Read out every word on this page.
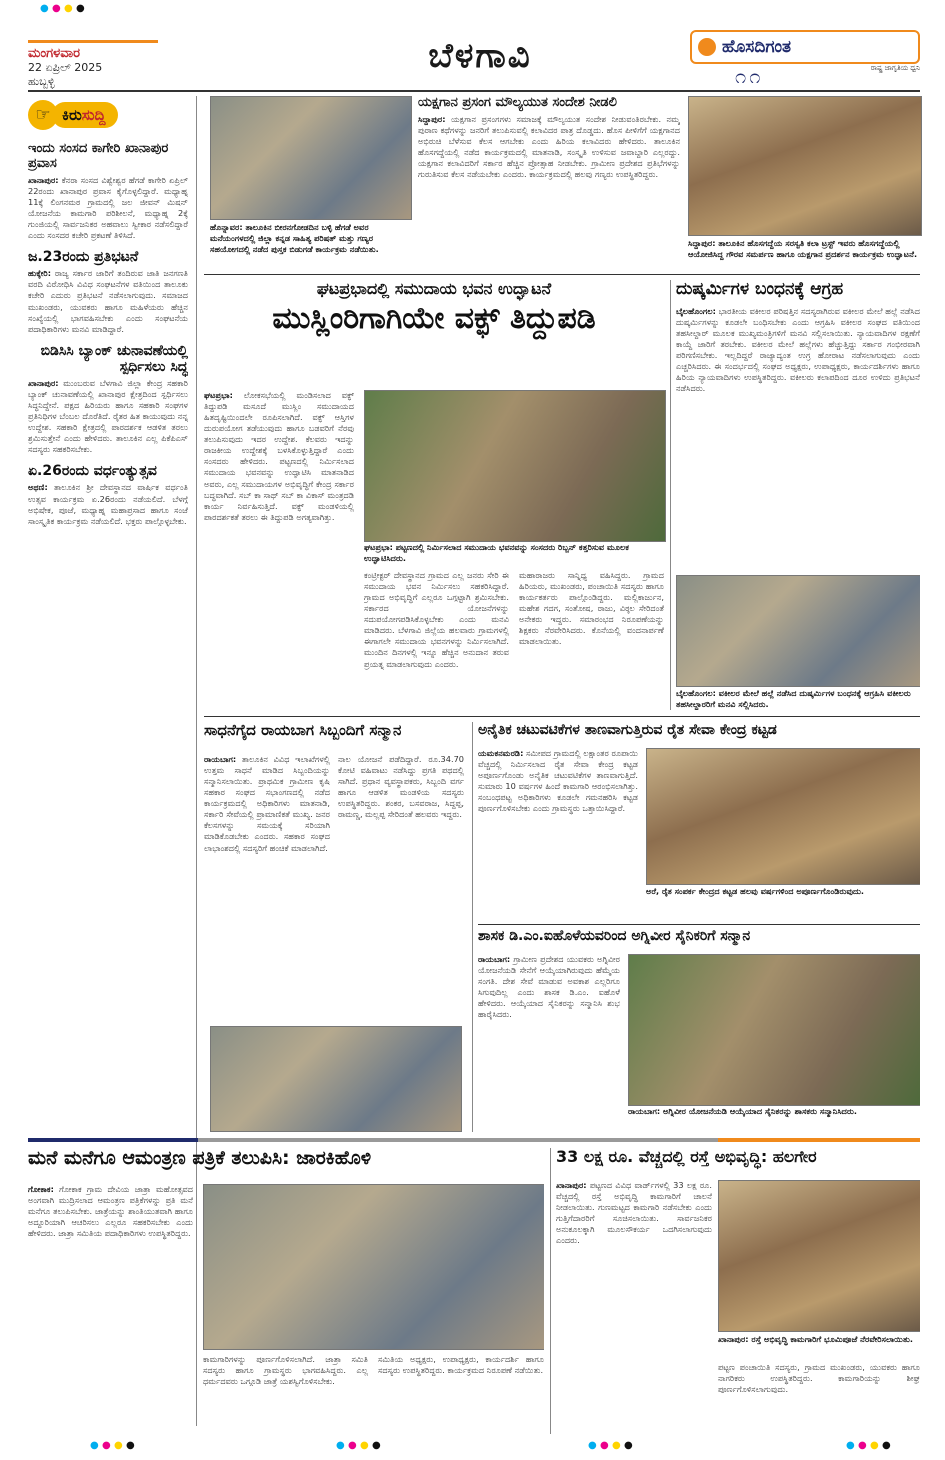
● ● ● ●
ಮಂಗಳವಾರ
22 ಏಪ್ರಿಲ್ 2025
ಹುಬ್ಬಳ್ಳಿ
ಬೆಳಗಾವಿ	ಹೊಸದಿಗಂತ
ರಾಷ್ಟ್ರ ಜಾಗೃತಿಯ ಧ್ವನಿ
೧೧
☞ ಕಿರುಸುದ್ದಿ
ಇಂದು ಸಂಸದ ಕಾಗೇರಿ ಖಾನಾಪುರ ಪ್ರವಾಸ
ಖಾನಾಪುರ: ಕೆನರಾ ಸಂಸದ ವಿಶ್ವೇಶ್ವರ ಹೆಗಡೆ ಕಾಗೇರಿ ಏಪ್ರಿಲ್ 22ರಂದು ಖಾನಾಪುರ ಪ್ರವಾಸ ಕೈಗೊಳ್ಳಲಿದ್ದಾರೆ. ಮಧ್ಯಾಹ್ನ 11ಕ್ಕೆ ಲಿಂಗನಮಠ ಗ್ರಾಮದಲ್ಲಿ ಜಲ ಜೀವನ್ ಮಿಷನ್ ಯೋಜನೆಯ ಕಾಮಗಾರಿ ಪರಿಶೀಲನೆ, ಮಧ್ಯಾಹ್ನ 2ಕ್ಕೆ ಗುಂಜಿಯಲ್ಲಿ ಸಾರ್ವಜನಿಕರ ಅಹವಾಲು ಸ್ವೀಕಾರ ನಡೆಸಲಿದ್ದಾರೆ ಎಂದು ಸಂಸದರ ಕಚೇರಿ ಪ್ರಕಟಣೆ ತಿಳಿಸಿದೆ.
ಜ.23ರಂದು ಪ್ರತಿಭಟನೆ
ಹುಕ್ಕೇರಿ: ರಾಜ್ಯ ಸರ್ಕಾರ ಜಾರಿಗೆ ತಂದಿರುವ ಜಾತಿ ಜನಗಣತಿ ವರದಿ ವಿರೋಧಿಸಿ ವಿವಿಧ ಸಂಘಟನೆಗಳ ವತಿಯಿಂದ ತಾಲೂಕು ಕಚೇರಿ ಎದುರು ಪ್ರತಿಭಟನೆ ನಡೆಸಲಾಗುವುದು. ಸಮಾಜದ ಮುಖಂಡರು, ಯುವಕರು ಹಾಗೂ ಮಹಿಳೆಯರು ಹೆಚ್ಚಿನ ಸಂಖ್ಯೆಯಲ್ಲಿ ಭಾಗವಹಿಸಬೇಕು ಎಂದು ಸಂಘಟನೆಯ ಪದಾಧಿಕಾರಿಗಳು ಮನವಿ ಮಾಡಿದ್ದಾರೆ.
ಬಿಡಿಸಿಸಿ ಬ್ಯಾಂಕ್ ಚುನಾವಣೆಯಲ್ಲಿ ಸ್ಪರ್ಧಿಸಲು ಸಿದ್ಧ
ಖಾನಾಪುರ: ಮುಂಬರುವ ಬೆಳಗಾವಿ ಜಿಲ್ಲಾ ಕೇಂದ್ರ ಸಹಕಾರಿ ಬ್ಯಾಂಕ್ ಚುನಾವಣೆಯಲ್ಲಿ ಖಾನಾಪುರ ಕ್ಷೇತ್ರದಿಂದ ಸ್ಪರ್ಧಿಸಲು ಸಿದ್ಧನಿದ್ದೇನೆ. ಪಕ್ಷದ ಹಿರಿಯರು ಹಾಗೂ ಸಹಕಾರಿ ಸಂಘಗಳ ಪ್ರತಿನಿಧಿಗಳ ಬೆಂಬಲ ದೊರೆತಿದೆ. ರೈತರ ಹಿತ ಕಾಯುವುದು ನನ್ನ ಉದ್ದೇಶ. ಸಹಕಾರಿ ಕ್ಷೇತ್ರದಲ್ಲಿ ಪಾರದರ್ಶಕ ಆಡಳಿತ ತರಲು ಶ್ರಮಿಸುತ್ತೇನೆ ಎಂದು ಹೇಳಿದರು. ತಾಲೂಕಿನ ಎಲ್ಲ ಪಿಕೆಪಿಎಸ್ ಸದಸ್ಯರು ಸಹಕರಿಸಬೇಕು.
ಏ.26ರಂದು ವರ್ಧಂತ್ಯುತ್ಸವ
ಅಥಣಿ: ತಾಲೂಕಿನ ಶ್ರೀ ದೇವಸ್ಥಾನದ ವಾರ್ಷಿಕ ವರ್ಧಂತಿ ಉತ್ಸವ ಕಾರ್ಯಕ್ರಮ ಏ.26ರಂದು ನಡೆಯಲಿದೆ. ಬೆಳಗ್ಗೆ ಅಭಿಷೇಕ, ಪೂಜೆ, ಮಧ್ಯಾಹ್ನ ಮಹಾಪ್ರಸಾದ ಹಾಗೂ ಸಂಜೆ ಸಾಂಸ್ಕೃತಿಕ ಕಾರ್ಯಕ್ರಮ ನಡೆಯಲಿದೆ. ಭಕ್ತರು ಪಾಲ್ಗೊಳ್ಳಬೇಕು.
ಹೊನ್ನಾವರ: ತಾಲೂಕಿನ ಬೀರನಗೋಡದಿನ ಬಳ್ಳಿ ಹೆಗಡೆ ಅವರ ಮನೆಯಂಗಳದಲ್ಲಿ ಜಿಲ್ಲಾ ಕನ್ನಡ ಸಾಹಿತ್ಯ ಪರಿಷತ್ ಮತ್ತು ಗಣ್ಯರ ಸಹಯೋಗದಲ್ಲಿ ನಡೆದ ಪುಸ್ತಕ ಬಿಡುಗಡೆ ಕಾರ್ಯಕ್ರಮ ನಡೆಯಿತು.
ಯಕ್ಷಗಾನ ಪ್ರಸಂಗ ಮೌಲ್ಯಯುತ ಸಂದೇಶ ನೀಡಲಿ
ಸಿದ್ದಾಪುರ: ಯಕ್ಷಗಾನ ಪ್ರಸಂಗಗಳು ಸಮಾಜಕ್ಕೆ ಮೌಲ್ಯಯುತ ಸಂದೇಶ ನೀಡುವಂತಿರಬೇಕು. ನಮ್ಮ ಪುರಾಣ ಕಥೆಗಳನ್ನು ಜನರಿಗೆ ತಲುಪಿಸುವಲ್ಲಿ ಕಲಾವಿದರ ಪಾತ್ರ ದೊಡ್ಡದು. ಹೊಸ ಪೀಳಿಗೆಗೆ ಯಕ್ಷಗಾನದ ಅಭಿರುಚಿ ಬೆಳೆಸುವ ಕೆಲಸ ಆಗಬೇಕು ಎಂದು ಹಿರಿಯ ಕಲಾವಿದರು ಹೇಳಿದರು. ತಾಲೂಕಿನ ಹೊಸಗದ್ದೆಯಲ್ಲಿ ನಡೆದ ಕಾರ್ಯಕ್ರಮದಲ್ಲಿ ಮಾತನಾಡಿ, ಸಂಸ್ಕೃತಿ ಉಳಿಸುವ ಜವಾಬ್ದಾರಿ ಎಲ್ಲರದ್ದು. ಯಕ್ಷಗಾನ ಕಲಾವಿದರಿಗೆ ಸರ್ಕಾರ ಹೆಚ್ಚಿನ ಪ್ರೋತ್ಸಾಹ ನೀಡಬೇಕು. ಗ್ರಾಮೀಣ ಪ್ರದೇಶದ ಪ್ರತಿಭೆಗಳನ್ನು ಗುರುತಿಸುವ ಕೆಲಸ ನಡೆಯಬೇಕು ಎಂದರು. ಕಾರ್ಯಕ್ರಮದಲ್ಲಿ ಹಲವು ಗಣ್ಯರು ಉಪಸ್ಥಿತರಿದ್ದರು.
ಸಿದ್ದಾಪುರ: ತಾಲೂಕಿನ ಹೊಸಗದ್ದೆಯ ಸರಸ್ವತಿ ಕಲಾ ಟ್ರಸ್ಟ್ ಇವರು ಹೊಸಗದ್ದೆಯಲ್ಲಿ ಆಯೋಜಿಸಿದ್ದ ಗೌರವ ಸಮರ್ಪಣ ಹಾಗೂ ಯಕ್ಷಗಾನ ಪ್ರದರ್ಶನ ಕಾರ್ಯಕ್ರಮ ಉದ್ಘಾಟನೆ.
ಘಟಪ್ರಭಾದಲ್ಲಿ ಸಮುದಾಯ ಭವನ ಉದ್ಘಾಟನೆ
ಮುಸ್ಲಿಂರಿಗಾಗಿಯೇ ವಕ್ಫ್ ತಿದ್ದುಪಡಿ
ಘಟಪ್ರಭಾ: ಲೋಕಸಭೆಯಲ್ಲಿ ಮಂಡಿಸಲಾದ ವಕ್ಫ್ ತಿದ್ದುಪಡಿ ಮಸೂದೆ ಮುಸ್ಲಿಂ ಸಮುದಾಯದ ಹಿತದೃಷ್ಟಿಯಿಂದಲೇ ರೂಪಿಸಲಾಗಿದೆ. ವಕ್ಫ್ ಆಸ್ತಿಗಳ ದುರುಪಯೋಗ ತಡೆಯುವುದು ಹಾಗೂ ಬಡವರಿಗೆ ನೆರವು ತಲುಪಿಸುವುದು ಇದರ ಉದ್ದೇಶ. ಕೆಲವರು ಇದನ್ನು ರಾಜಕೀಯ ಉದ್ದೇಶಕ್ಕೆ ಬಳಸಿಕೊಳ್ಳುತ್ತಿದ್ದಾರೆ ಎಂದು ಸಂಸದರು ಹೇಳಿದರು. ಪಟ್ಟಣದಲ್ಲಿ ನಿರ್ಮಿಸಲಾದ ಸಮುದಾಯ ಭವನವನ್ನು ಉದ್ಘಾಟಿಸಿ ಮಾತನಾಡಿದ ಅವರು, ಎಲ್ಲ ಸಮುದಾಯಗಳ ಅಭಿವೃದ್ಧಿಗೆ ಕೇಂದ್ರ ಸರ್ಕಾರ ಬದ್ಧವಾಗಿದೆ. ಸಬ್ ಕಾ ಸಾಥ್ ಸಬ್ ಕಾ ವಿಕಾಸ್ ಮಂತ್ರದಡಿ ಕಾರ್ಯ ನಿರ್ವಹಿಸುತ್ತಿದೆ. ವಕ್ಫ್ ಮಂಡಳಿಯಲ್ಲಿ ಪಾರದರ್ಶಕತೆ ತರಲು ಈ ತಿದ್ದುಪಡಿ ಅಗತ್ಯವಾಗಿತ್ತು.
ಘಟಪ್ರಭಾ: ಪಟ್ಟಣದಲ್ಲಿ ನಿರ್ಮಿಸಲಾದ ಸಮುದಾಯ ಭವನವನ್ನು ಸಂಸದರು ರಿಬ್ಬನ್ ಕತ್ತರಿಸುವ ಮೂಲಕ ಉದ್ಘಾಟಿಸಿದರು.
ಕಂಟ್ರೀಕ್ಟರ್ ದೇವಸ್ಥಾನದ ಗ್ರಾಮದ ಎಲ್ಲ ಜನರು ಸೇರಿ ಈ ಸಮುದಾಯ ಭವನ ನಿರ್ಮಿಸಲು ಸಹಕರಿಸಿದ್ದಾರೆ. ಗ್ರಾಮದ ಅಭಿವೃದ್ಧಿಗೆ ಎಲ್ಲರೂ ಒಗ್ಗಟ್ಟಾಗಿ ಶ್ರಮಿಸಬೇಕು. ಸರ್ಕಾರದ ಯೋಜನೆಗಳನ್ನು ಸದುಪಯೋಗಪಡಿಸಿಕೊಳ್ಳಬೇಕು ಎಂದು ಮನವಿ ಮಾಡಿದರು. ಬೆಳಗಾವಿ ಜಿಲ್ಲೆಯ ಹಲವಾರು ಗ್ರಾಮಗಳಲ್ಲಿ ಈಗಾಗಲೇ ಸಮುದಾಯ ಭವನಗಳನ್ನು ನಿರ್ಮಿಸಲಾಗಿದೆ. ಮುಂದಿನ ದಿನಗಳಲ್ಲಿ ಇನ್ನೂ ಹೆಚ್ಚಿನ ಅನುದಾನ ತರುವ ಪ್ರಯತ್ನ ಮಾಡಲಾಗುವುದು ಎಂದರು.
ಮಹಾರಾಜರು ಸಾನ್ನಿಧ್ಯ ವಹಿಸಿದ್ದರು. ಗ್ರಾಮದ ಹಿರಿಯರು, ಮುಖಂಡರು, ಪಂಚಾಯಿತಿ ಸದಸ್ಯರು ಹಾಗೂ ಕಾರ್ಯಕರ್ತರು ಪಾಲ್ಗೊಂಡಿದ್ದರು. ಮಲ್ಲಿಕಾರ್ಜುನ, ಮಹೇಶ ಗದಗ, ಸಂತೋಷ, ರಾಜು, ವಿಠ್ಠಲ ಸೇರಿದಂತೆ ಅನೇಕರು ಇದ್ದರು. ಸಮಾರಂಭದ ನಿರೂಪಣೆಯನ್ನು ಶಿಕ್ಷಕರು ನೆರವೇರಿಸಿದರು. ಕೊನೆಯಲ್ಲಿ ವಂದನಾರ್ಪಣೆ ಮಾಡಲಾಯಿತು.
ದುಷ್ಕರ್ಮಿಗಳ ಬಂಧನಕ್ಕೆ ಆಗ್ರಹ
ಬೈಲಹೊಂಗಲ: ಭಾರತೀಯ ವಕೀಲರ ಪರಿಷತ್ತಿನ ಸದಸ್ಯರಾಗಿರುವ ವಕೀಲರ ಮೇಲೆ ಹಲ್ಲೆ ನಡೆಸಿದ ದುಷ್ಕರ್ಮಿಗಳನ್ನು ಕೂಡಲೇ ಬಂಧಿಸಬೇಕು ಎಂದು ಆಗ್ರಹಿಸಿ ವಕೀಲರ ಸಂಘದ ವತಿಯಿಂದ ತಹಸೀಲ್ದಾರ್ ಮೂಲಕ ಮುಖ್ಯಮಂತ್ರಿಗಳಿಗೆ ಮನವಿ ಸಲ್ಲಿಸಲಾಯಿತು. ನ್ಯಾಯವಾದಿಗಳ ರಕ್ಷಣೆಗೆ ಕಾಯ್ದೆ ಜಾರಿಗೆ ತರಬೇಕು. ವಕೀಲರ ಮೇಲೆ ಹಲ್ಲೆಗಳು ಹೆಚ್ಚುತ್ತಿದ್ದು ಸರ್ಕಾರ ಗಂಭೀರವಾಗಿ ಪರಿಗಣಿಸಬೇಕು. ಇಲ್ಲದಿದ್ದರೆ ರಾಜ್ಯಾದ್ಯಂತ ಉಗ್ರ ಹೋರಾಟ ನಡೆಸಲಾಗುವುದು ಎಂದು ಎಚ್ಚರಿಸಿದರು. ಈ ಸಂದರ್ಭದಲ್ಲಿ ಸಂಘದ ಅಧ್ಯಕ್ಷರು, ಉಪಾಧ್ಯಕ್ಷರು, ಕಾರ್ಯದರ್ಶಿಗಳು ಹಾಗೂ ಹಿರಿಯ ನ್ಯಾಯವಾದಿಗಳು ಉಪಸ್ಥಿತರಿದ್ದರು. ವಕೀಲರು ಕಲಾಪದಿಂದ ದೂರ ಉಳಿದು ಪ್ರತಿಭಟನೆ ನಡೆಸಿದರು.
ಬೈಲಹೊಂಗಲ: ವಕೀಲರ ಮೇಲೆ ಹಲ್ಲೆ ನಡೆಸಿದ ದುಷ್ಕರ್ಮಿಗಳ ಬಂಧನಕ್ಕೆ ಆಗ್ರಹಿಸಿ ವಕೀಲರು ತಹಸೀಲ್ದಾರರಿಗೆ ಮನವಿ ಸಲ್ಲಿಸಿದರು.
ಸಾಧನೆಗೈದ ರಾಯಬಾಗ ಸಿಬ್ಬಂದಿಗೆ ಸನ್ಮಾನ
ರಾಯಬಾಗ: ತಾಲೂಕಿನ ವಿವಿಧ ಇಲಾಖೆಗಳಲ್ಲಿ ಉತ್ತಮ ಸಾಧನೆ ಮಾಡಿದ ಸಿಬ್ಬಂದಿಯನ್ನು ಸನ್ಮಾನಿಸಲಾಯಿತು. ಪ್ರಾಥಮಿಕ ಗ್ರಾಮೀಣ ಕೃಷಿ ಸಹಕಾರ ಸಂಘದ ಸಭಾಂಗಣದಲ್ಲಿ ನಡೆದ ಕಾರ್ಯಕ್ರಮದಲ್ಲಿ ಅಧಿಕಾರಿಗಳು ಮಾತನಾಡಿ, ಸರ್ಕಾರಿ ಸೇವೆಯಲ್ಲಿ ಪ್ರಾಮಾಣಿಕತೆ ಮುಖ್ಯ. ಜನರ ಕೆಲಸಗಳನ್ನು ಸಮಯಕ್ಕೆ ಸರಿಯಾಗಿ ಮಾಡಿಕೊಡಬೇಕು ಎಂದರು. ಸಹಕಾರ ಸಂಘದ ಲಾಭಾಂಶದಲ್ಲಿ ಸದಸ್ಯರಿಗೆ ಹಂಚಿಕೆ ಮಾಡಲಾಗಿದೆ.
ನಾಲ ಯೋಜನೆ ಪಡೆದಿದ್ದಾರೆ. ರೂ.34.70 ಕೋಟಿ ವಹಿವಾಟು ನಡೆಸಿದ್ದು ಪ್ರಗತಿ ಪಥದಲ್ಲಿ ಸಾಗಿದೆ. ಪ್ರಧಾನ ವ್ಯವಸ್ಥಾಪಕರು, ಸಿಬ್ಬಂದಿ ವರ್ಗ ಹಾಗೂ ಆಡಳಿತ ಮಂಡಳಿಯ ಸದಸ್ಯರು ಉಪಸ್ಥಿತರಿದ್ದರು. ಶಂಕರ, ಬಸವರಾಜ, ಸಿದ್ದಪ್ಪ, ರಾಮಣ್ಣ, ಮಲ್ಲಪ್ಪ ಸೇರಿದಂತೆ ಹಲವರು ಇದ್ದರು.
ಅನೈತಿಕ ಚಟುವಟಿಕೆಗಳ ತಾಣವಾಗುತ್ತಿರುವ ರೈತ ಸೇವಾ ಕೇಂದ್ರ ಕಟ್ಟಡ
ಯಮಕನಮರಡಿ: ಸಮೀಪದ ಗ್ರಾಮದಲ್ಲಿ ಲಕ್ಷಾಂತರ ರೂಪಾಯಿ ವೆಚ್ಚದಲ್ಲಿ ನಿರ್ಮಿಸಲಾದ ರೈತ ಸೇವಾ ಕೇಂದ್ರ ಕಟ್ಟಡ ಅಪೂರ್ಣಗೊಂಡು ಅನೈತಿಕ ಚಟುವಟಿಕೆಗಳ ತಾಣವಾಗುತ್ತಿದೆ. ಸುಮಾರು 10 ವರ್ಷಗಳ ಹಿಂದೆ ಕಾಮಗಾರಿ ಆರಂಭಿಸಲಾಗಿತ್ತು. ಸಂಬಂಧಪಟ್ಟ ಅಧಿಕಾರಿಗಳು ಕೂಡಲೇ ಗಮನಹರಿಸಿ ಕಟ್ಟಡ ಪೂರ್ಣಗೊಳಿಸಬೇಕು ಎಂದು ಗ್ರಾಮಸ್ಥರು ಒತ್ತಾಯಿಸಿದ್ದಾರೆ.
ಅರೆ, ರೈತ ಸಂಪರ್ಕ ಕೇಂದ್ರದ ಕಟ್ಟಡ ಹಲವು ವರ್ಷಗಳಿಂದ ಅಪೂರ್ಣಗೊಂಡಿರುವುದು.
ಶಾಸಕ ಡಿ.ಎಂ.ಐಹೊಳೆಯವರಿಂದ ಅಗ್ನಿವೀರ ಸೈನಿಕರಿಗೆ ಸನ್ಮಾನ
ರಾಯಬಾಗ: ಗ್ರಾಮೀಣ ಪ್ರದೇಶದ ಯುವಕರು ಅಗ್ನಿವೀರ ಯೋಜನೆಯಡಿ ಸೇನೆಗೆ ಆಯ್ಕೆಯಾಗಿರುವುದು ಹೆಮ್ಮೆಯ ಸಂಗತಿ. ದೇಶ ಸೇವೆ ಮಾಡುವ ಅವಕಾಶ ಎಲ್ಲರಿಗೂ ಸಿಗುವುದಿಲ್ಲ ಎಂದು ಶಾಸಕ ಡಿ.ಎಂ. ಐಹೊಳೆ ಹೇಳಿದರು. ಆಯ್ಕೆಯಾದ ಸೈನಿಕರನ್ನು ಸನ್ಮಾನಿಸಿ ಶುಭ ಹಾರೈಸಿದರು.
ರಾಯಬಾಗ: ಅಗ್ನಿವೀರ ಯೋಜನೆಯಡಿ ಆಯ್ಕೆಯಾದ ಸೈನಿಕರನ್ನು ಶಾಸಕರು ಸನ್ಮಾನಿಸಿದರು.
ಮನೆ ಮನೆಗೂ ಆಮಂತ್ರಣ ಪತ್ರಿಕೆ ತಲುಪಿಸಿ: ಜಾರಕಿಹೊಳಿ
ಗೋಕಾಕ: ಗೋಕಾಕ ಗ್ರಾಮ ದೇವಿಯ ಜಾತ್ರಾ ಮಹೋತ್ಸವದ ಅಂಗವಾಗಿ ಮುದ್ರಿಸಲಾದ ಆಮಂತ್ರಣ ಪತ್ರಿಕೆಗಳನ್ನು ಪ್ರತಿ ಮನೆ ಮನೆಗೂ ತಲುಪಿಸಬೇಕು. ಜಾತ್ರೆಯನ್ನು ಶಾಂತಿಯುತವಾಗಿ ಹಾಗೂ ಅದ್ದೂರಿಯಾಗಿ ಆಚರಿಸಲು ಎಲ್ಲರೂ ಸಹಕರಿಸಬೇಕು ಎಂದು ಹೇಳಿದರು. ಜಾತ್ರಾ ಸಮಿತಿಯ ಪದಾಧಿಕಾರಿಗಳು ಉಪಸ್ಥಿತರಿದ್ದರು.
ಕಾಮಗಾರಿಗಳನ್ನು ಪೂರ್ಣಗೊಳಿಸಲಾಗಿದೆ. ಜಾತ್ರಾ ಸಮಿತಿ ಸದಸ್ಯರು ಹಾಗೂ ಗ್ರಾಮಸ್ಥರು ಭಾಗವಹಿಸಿದ್ದರು. ಎಲ್ಲ ಧರ್ಮದವರು ಒಗ್ಗೂಡಿ ಜಾತ್ರೆ ಯಶಸ್ವಿಗೊಳಿಸಬೇಕು.
ಸಮಿತಿಯ ಅಧ್ಯಕ್ಷರು, ಉಪಾಧ್ಯಕ್ಷರು, ಕಾರ್ಯದರ್ಶಿ ಹಾಗೂ ಸದಸ್ಯರು ಉಪಸ್ಥಿತರಿದ್ದರು. ಕಾರ್ಯಕ್ರಮದ ನಿರೂಪಣೆ ನಡೆಯಿತು.
33 ಲಕ್ಷ ರೂ. ವೆಚ್ಚದಲ್ಲಿ ರಸ್ತೆ ಅಭಿವೃದ್ಧಿ: ಹಲಗೇರ
ಖಾನಾಪುರ: ಪಟ್ಟಣದ ವಿವಿಧ ವಾರ್ಡ್‌ಗಳಲ್ಲಿ 33 ಲಕ್ಷ ರೂ. ವೆಚ್ಚದಲ್ಲಿ ರಸ್ತೆ ಅಭಿವೃದ್ಧಿ ಕಾಮಗಾರಿಗೆ ಚಾಲನೆ ನೀಡಲಾಯಿತು. ಗುಣಮಟ್ಟದ ಕಾಮಗಾರಿ ನಡೆಸಬೇಕು ಎಂದು ಗುತ್ತಿಗೆದಾರರಿಗೆ ಸೂಚಿಸಲಾಯಿತು. ಸಾರ್ವಜನಿಕರ ಅನುಕೂಲಕ್ಕಾಗಿ ಮೂಲಸೌಕರ್ಯ ಒದಗಿಸಲಾಗುವುದು ಎಂದರು.
ಖಾನಾಪುರ: ರಸ್ತೆ ಅಭಿವೃದ್ಧಿ ಕಾಮಗಾರಿಗೆ ಭೂಮಿಪೂಜೆ ನೆರವೇರಿಸಲಾಯಿತು.
ಪಟ್ಟಣ ಪಂಚಾಯಿತಿ ಸದಸ್ಯರು, ಗ್ರಾಮದ ಮುಖಂಡರು, ಯುವಕರು ಹಾಗೂ ನಾಗರಿಕರು ಉಪಸ್ಥಿತರಿದ್ದರು. ಕಾಮಗಾರಿಯನ್ನು ಶೀಘ್ರ ಪೂರ್ಣಗೊಳಿಸಲಾಗುವುದು.
● ● ● ●	● ● ● ●	● ● ● ●	● ● ● ●
